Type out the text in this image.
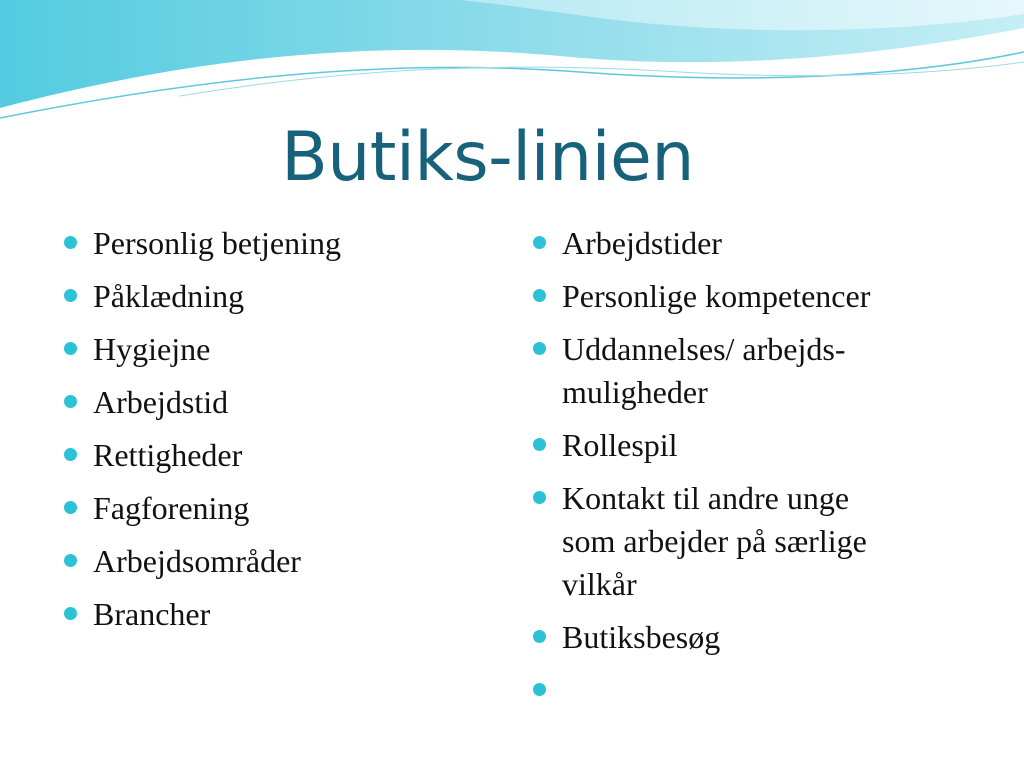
Butiks-linien
Personlig betjening
Påklædning
Hygiejne
Arbejdstid
Rettigheder
Fagforening
Arbejdsområder
Brancher
Arbejdstider
Personlige kompetencer
Uddannelses/ arbejds-
muligheder
Rollespil
Kontakt til andre unge
som arbejder på særlige
vilkår
Butiksbesøg
